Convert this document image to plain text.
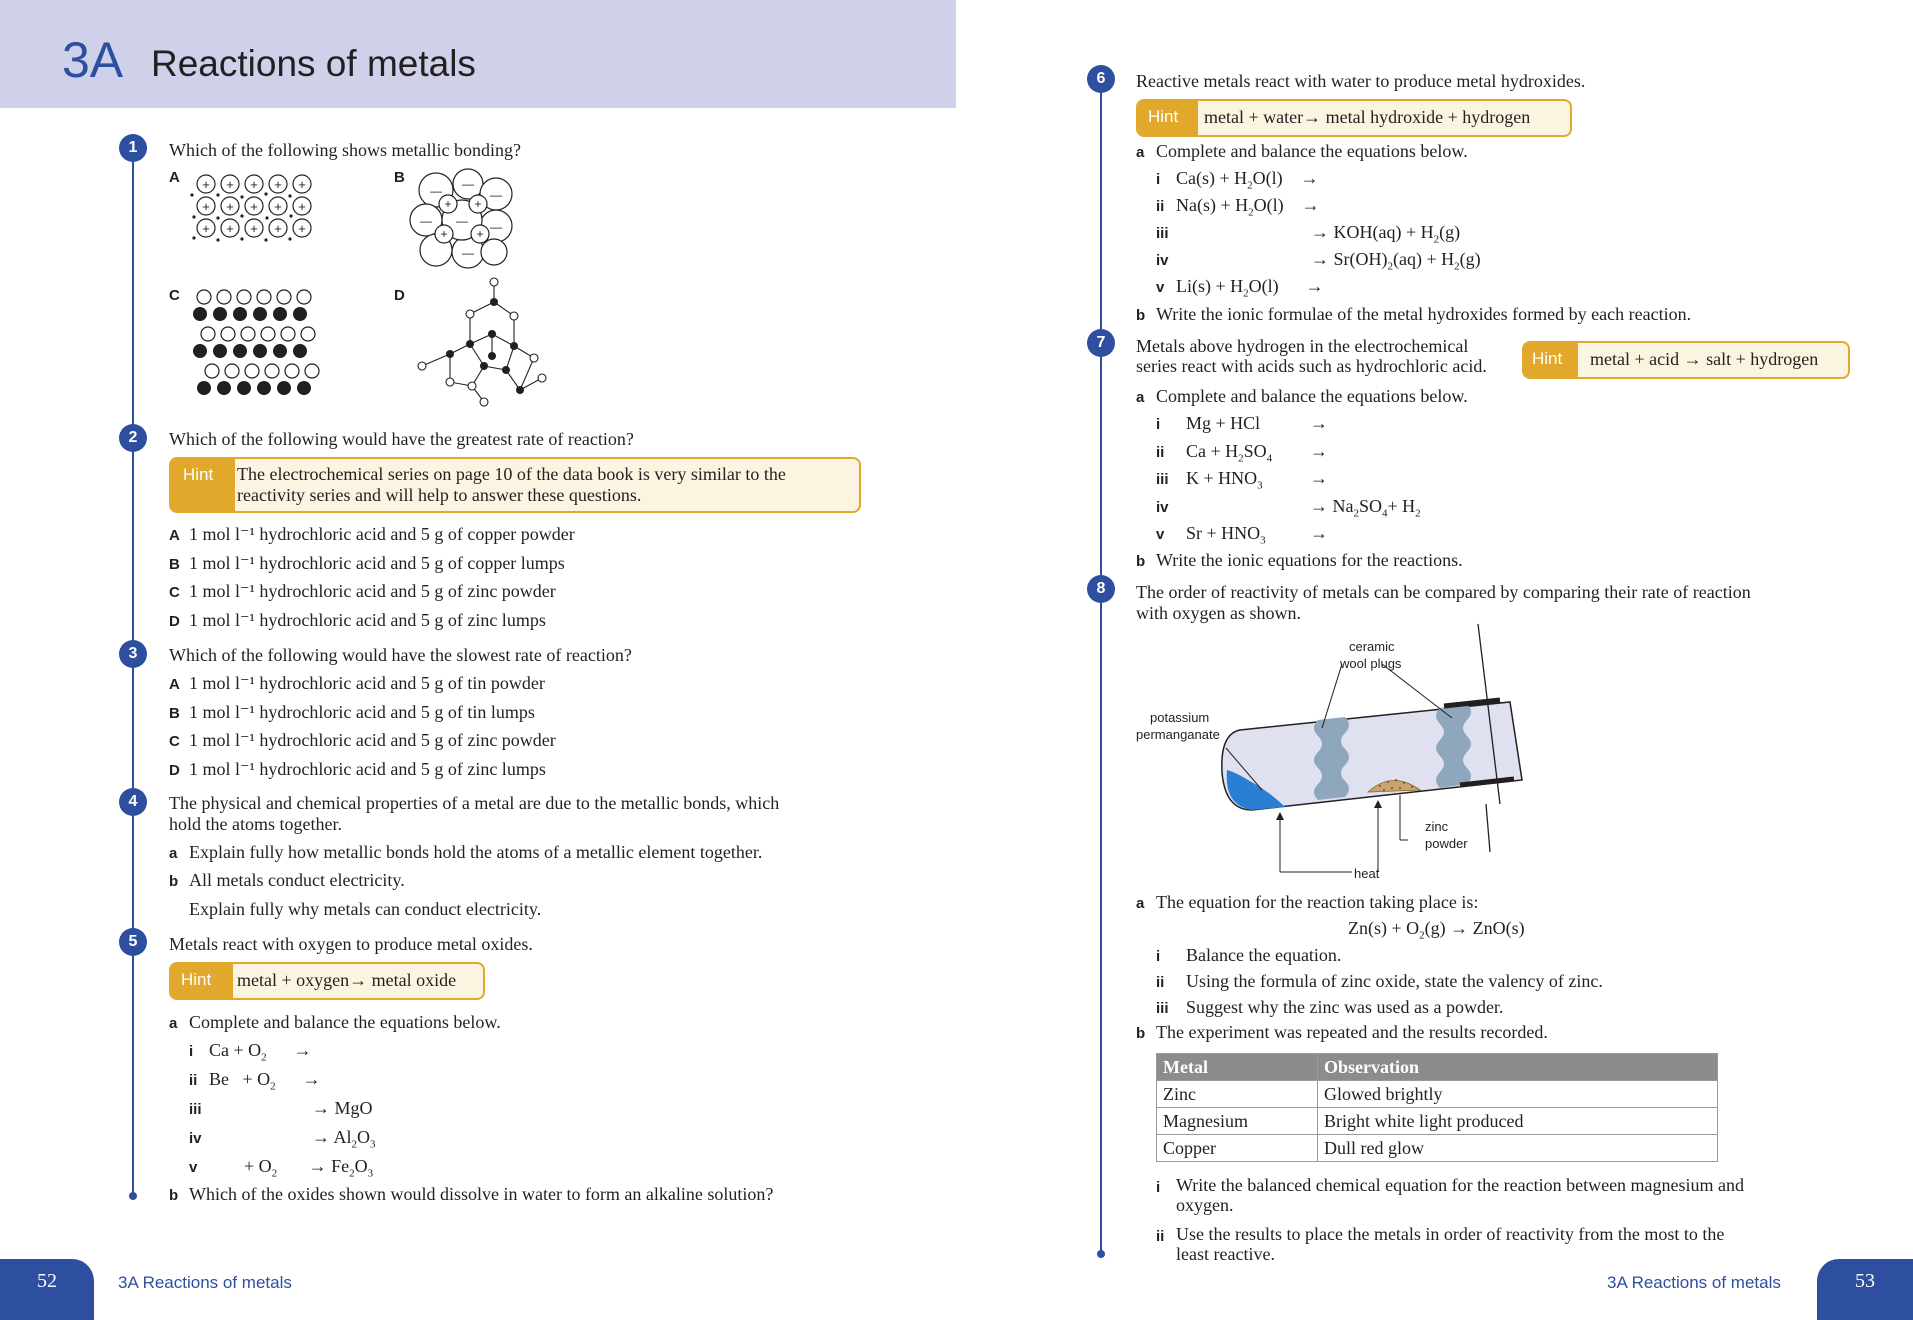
3A Reactions of metals
1	Which of the following shows metallic bonding?
A	B
C	D
+ + + + +
+ + + + +
+ + + + +	—
—	—
—	—
—
—
+ +
+ +
2	Which of the following would have the greatest rate of reaction?
Hint	The electrochemical series on page 10 of the data book is very similar to the
reactivity series and will help to answer these questions.
A 1 mol l⁻¹ hydrochloric acid and 5 g of copper powder
B 1 mol l⁻¹ hydrochloric acid and 5 g of copper lumps
C 1 mol l⁻¹ hydrochloric acid and 5 g of zinc powder
D 1 mol l⁻¹ hydrochloric acid and 5 g of zinc lumps
3	Which of the following would have the slowest rate of reaction?
A 1 mol l⁻¹ hydrochloric acid and 5 g of tin powder
B 1 mol l⁻¹ hydrochloric acid and 5 g of tin lumps
C 1 mol l⁻¹ hydrochloric acid and 5 g of zinc powder
D 1 mol l⁻¹ hydrochloric acid and 5 g of zinc lumps
4	The physical and chemical properties of a metal are due to the metallic bonds, which
hold the atoms together.
a Explain fully how metallic bonds hold the atoms of a metallic element together.
b All metals conduct electricity.
Explain fully why metals can conduct electricity.
5	Metals react with oxygen to produce metal oxides.
Hint	metal + oxygen→ metal oxide
a Complete and balance the equations below.
i $Ca + O_2$      →
ii $Be + O_2$      →
iii	→ MgO
iv	→ $Al_2O_3$
v	+ $O_2$       → $Fe_2O_3$
b Which of the oxides shown would dissolve in water to form an alkaline solution?
52	3A Reactions of metals
6	Reactive metals react with water to produce metal hydroxides.
Hint	metal + water→ metal hydroxide + hydrogen
a Complete and balance the equations below.
i $Ca(s) + H_2O(l)$    →
ii $Na(s) + H_2O(l)$    →
iii	→ $KOH(aq) + H_2(g)$
iv	→ $Sr(OH)_2(aq) + H_2(g)$
v $Li(s) + H_2O(l)$      →
b Write the ionic formulae of the metal hydroxides formed by each reaction.
7	Metals above hydrogen in the electrochemical
series react with acids such as hydrochloric acid.	Hint	metal + acid → salt + hydrogen
a Complete and balance the equations below.
i Mg + HCl	→
ii $Ca + H_2SO_4$ →
iii $K + HNO_3$	→
iv	→ $Na_2SO_4+ H_2$
v $Sr + HNO_3$ →
b Write the ionic equations for the reactions.
8	The order of reactivity of metals can be compared by comparing their rate of reaction
with oxygen as shown.
ceramic
wool plugs
potassium
permanganate
zinc
powder
heat
a The equation for the reaction taking place is:
$Zn(s) + O_2(g) \to ZnO(s)$
i Balance the equation.
ii Using the formula of zinc oxide, state the valency of zinc.
iii Suggest why the zinc was used as a powder.
b The experiment was repeated and the results recorded.
Metal	Observation
Zinc	Glowed brightly
Magnesium	Bright white light produced
Copper	Dull red glow
i Write the balanced chemical equation for the reaction between magnesium and
oxygen.
ii Use the results to place the metals in order of reactivity from the most to the
least reactive.
3A Reactions of metals	53
